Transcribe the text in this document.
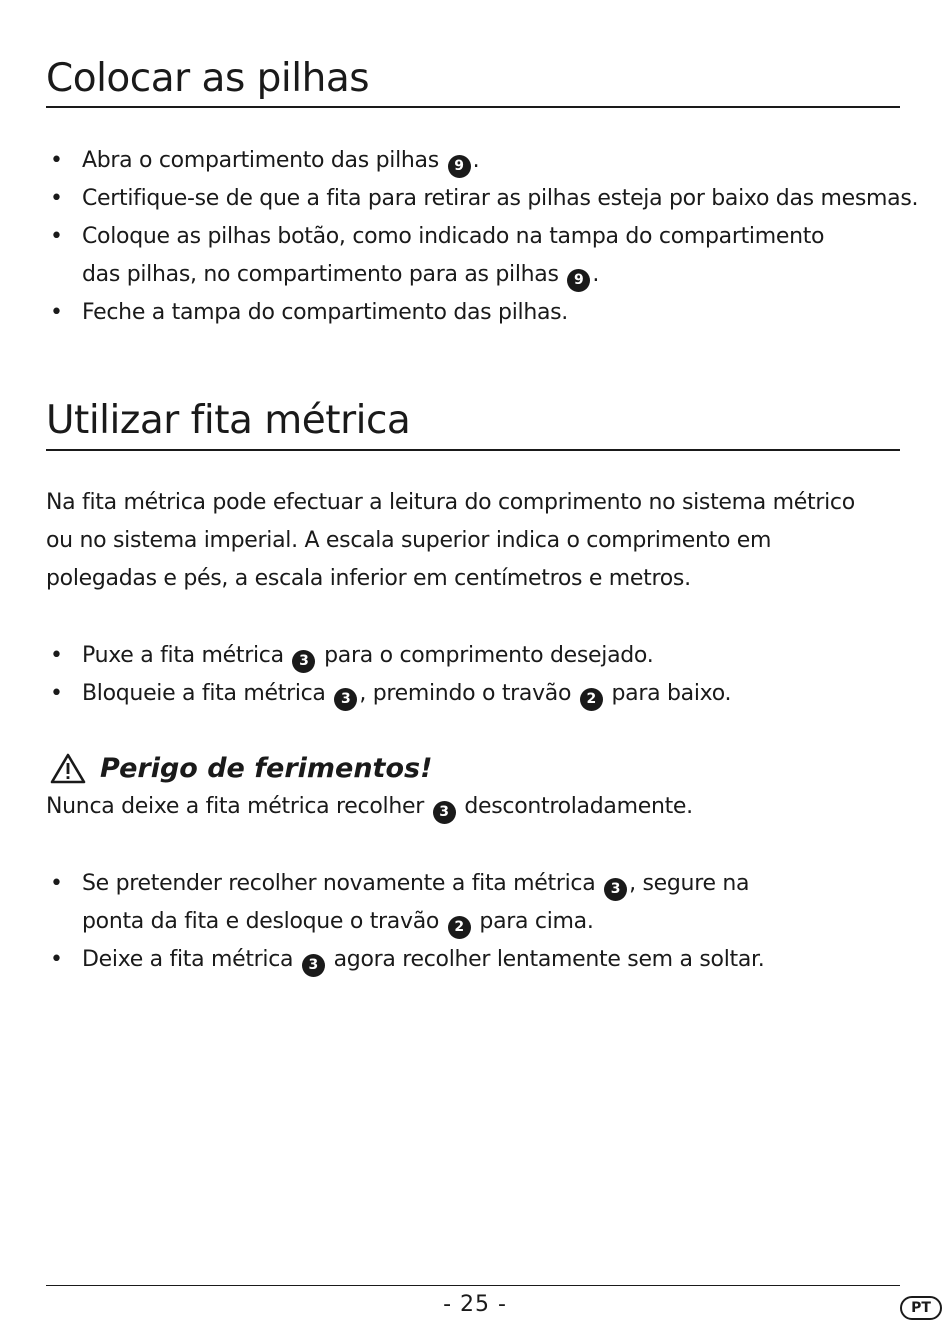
Colocar as pilhas
• Abra o compartimento das pilhas 9 .
• Certifique-se de que a fita para retirar as pilhas esteja por baixo das mesmas.
• Coloque as pilhas botão, como indicado na tampa do compartimento
das pilhas, no compartimento para as pilhas 9 .
• Feche a tampa do compartimento das pilhas.
Utilizar fita métrica

Na fita métrica pode efectuar a leitura do comprimento no sistema métrico

ou no sistema imperial. A escala superior indica o comprimento em

polegadas e pés, a escala inferior em centímetros e metros.

• Puxe a fita métrica 3 para o comprimento desejado.
• Bloqueie a fita métrica 3 , premindo o travão 2 para baixo.
Perigo de ferimentos!

Nunca deixe a fita métrica recolher 3 descontroladamente.

• Se pretender recolher novamente a fita métrica 3 , segure na
ponta da fita e desloque o travão 2 para cima.
• Deixe a fita métrica 3 agora recolher lentamente sem a soltar.
- 25 -	PT
